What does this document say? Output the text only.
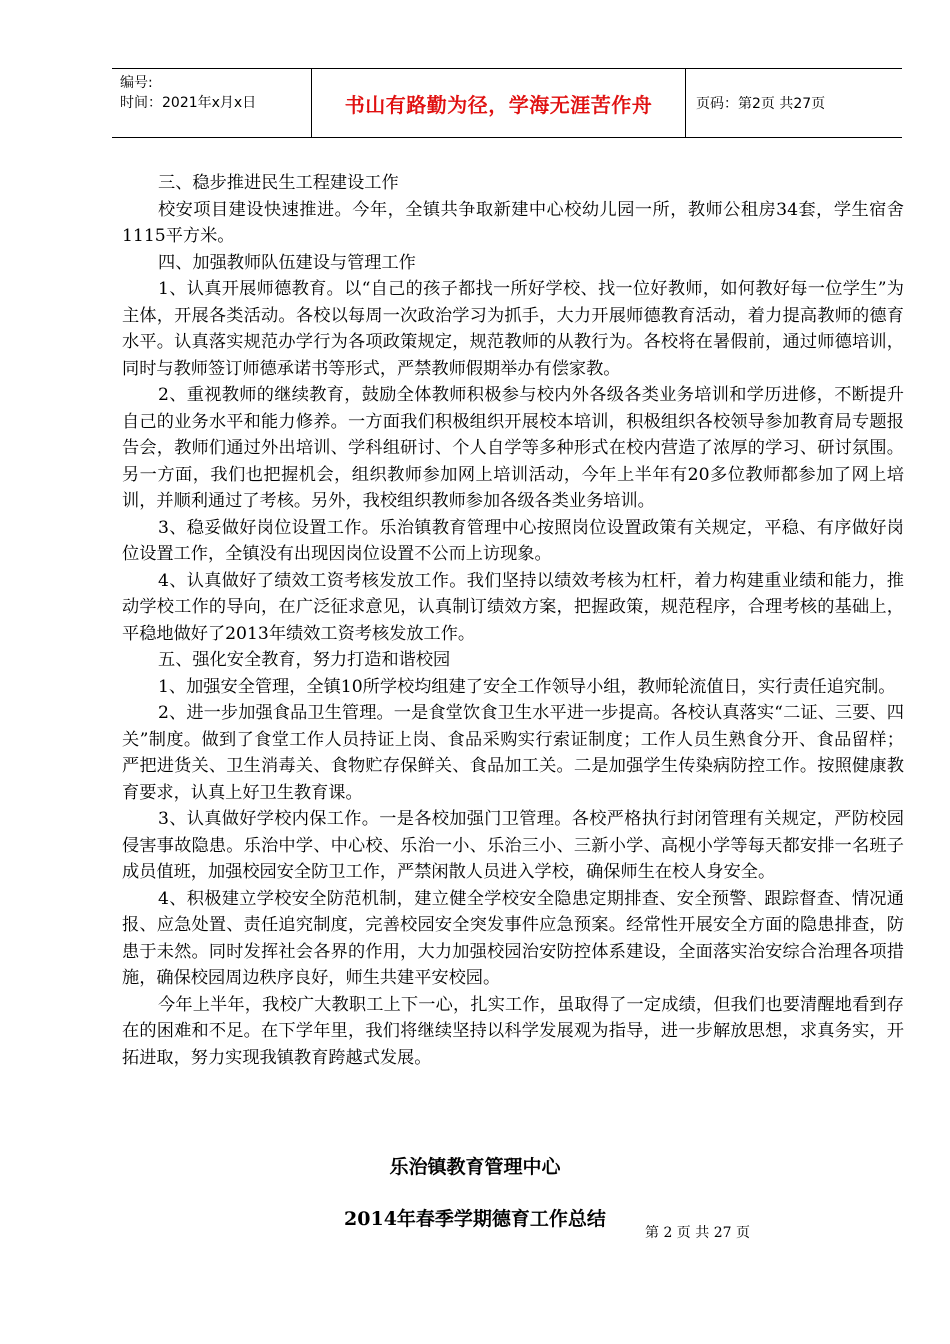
编号:
时间：2021年x月x日	书山有路勤为径，学海无涯苦作舟	页码：第2页 共27页

三、稳步推进民生工程建设工作

校安项目建设快速推进。今年，全镇共争取新建中心校幼儿园一所，教师公租房34套，学生宿舍1115平方米。

四、加强教师队伍建设与管理工作

1、认真开展师德教育。以“自己的孩子都找一所好学校、找一位好教师，如何教好每一位学生”为主体，开展各类活动。各校以每周一次政治学习为抓手，大力开展师德教育活动，着力提高教师的德育水平。认真落实规范办学行为各项政策规定，规范教师的从教行为。各校将在暑假前，通过师德培训，同时与教师签订师德承诺书等形式，严禁教师假期举办有偿家教。

2、重视教师的继续教育，鼓励全体教师积极参与校内外各级各类业务培训和学历进修，不断提升自己的业务水平和能力修养。一方面我们积极组织开展校本培训，积极组织各校领导参加教育局专题报告会，教师们通过外出培训、学科组研讨、个人自学等多种形式在校内营造了浓厚的学习、研讨氛围。另一方面，我们也把握机会，组织教师参加网上培训活动，今年上半年有20多位教师都参加了网上培训，并顺利通过了考核。另外，我校组织教师参加各级各类业务培训。

3、稳妥做好岗位设置工作。乐治镇教育管理中心按照岗位设置政策有关规定，平稳、有序做好岗位设置工作，全镇没有出现因岗位设置不公而上访现象。

4、认真做好了绩效工资考核发放工作。我们坚持以绩效考核为杠杆，着力构建重业绩和能力，推动学校工作的导向，在广泛征求意见，认真制订绩效方案，把握政策，规范程序，合理考核的基础上，平稳地做好了2013年绩效工资考核发放工作。

五、强化安全教育，努力打造和谐校园

1、加强安全管理，全镇10所学校均组建了安全工作领导小组，教师轮流值日，实行责任追究制。

2、进一步加强食品卫生管理。一是食堂饮食卫生水平进一步提高。各校认真落实“二证、三要、四关”制度。做到了食堂工作人员持证上岗、食品采购实行索证制度；工作人员生熟食分开、食品留样；严把进货关、卫生消毒关、食物贮存保鲜关、食品加工关。二是加强学生传染病防控工作。按照健康教育要求，认真上好卫生教育课。

3、认真做好学校内保工作。一是各校加强门卫管理。各校严格执行封闭管理有关规定，严防校园侵害事故隐患。乐治中学、中心校、乐治一小、乐治三小、三新小学、高枧小学等每天都安排一名班子成员值班，加强校园安全防卫工作，严禁闲散人员进入学校，确保师生在校人身安全。

4、积极建立学校安全防范机制，建立健全学校安全隐患定期排查、安全预警、跟踪督查、情况通报、应急处置、责任追究制度，完善校园安全突发事件应急预案。经常性开展安全方面的隐患排查，防患于未然。同时发挥社会各界的作用，大力加强校园治安防控体系建设，全面落实治安综合治理各项措施，确保校园周边秩序良好，师生共建平安校园。

今年上半年，我校广大教职工上下一心，扎实工作，虽取得了一定成绩，但我们也要清醒地看到存在的困难和不足。在下学年里，我们将继续坚持以科学发展观为指导，进一步解放思想，求真务实，开拓进取，努力实现我镇教育跨越式发展。

乐治镇教育管理中心
2014年春季学期德育工作总结
第 2 页 共 27 页
